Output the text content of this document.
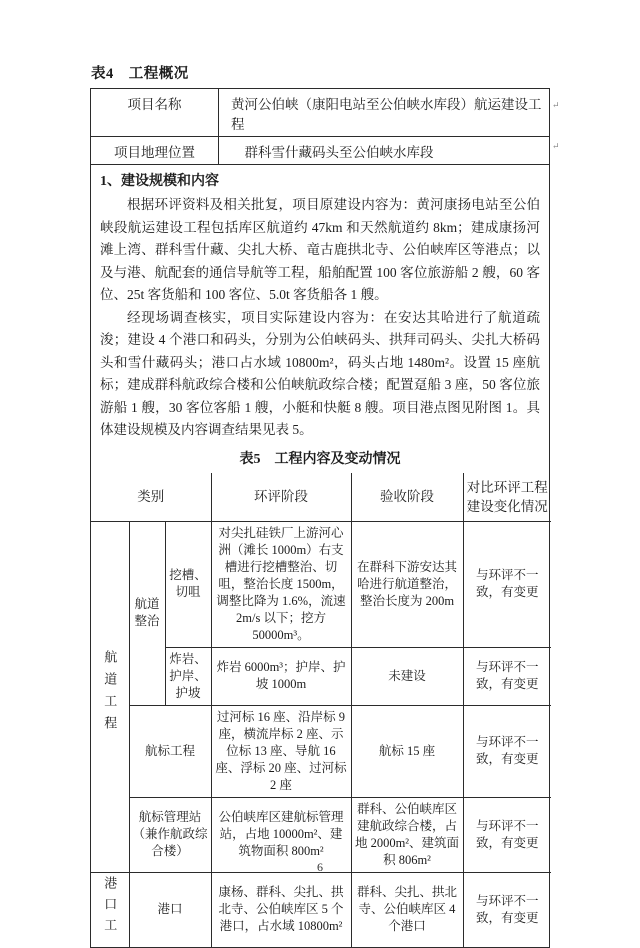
表4　工程概况
项目名称	黄河公伯峡（康阳电站至公伯峡水库段）航运建设工程
项目地理位置	　群科雪什藏码头至公伯峡水库段
1、建设规模和内容

根据环评资料及相关批复，项目原建设内容为：黄河康扬电站至公伯峡段航运建设工程包括库区航道约 47km 和天然航道约 8km；建成康扬河滩上湾、群科雪什藏、尖扎大桥、竜古鹿拱北寺、公伯峡库区等港点；以及与港、航配套的通信导航等工程，船舶配置 100 客位旅游船 2 艘，60 客位、25t 客货船和 100 客位、5.0t 客货船各 1 艘。

经现场调查核实，项目实际建设内容为：在安达其哈进行了航道疏浚；建设 4 个港口和码头，分别为公伯峡码头、拱拜司码头、尖扎大桥码头和雪什藏码头；港口占水域 10800m²，码头占地 1480m²。设置 15 座航标；建成群科航政综合楼和公伯峡航政综合楼；配置趸船 3 座，50 客位旅游船 1 艘，30 客位客船 1 艘，小艇和快艇 8 艘。项目港点图见附图 1。具体建设规模及内容调查结果见表 5。

表5　工程内容及变动情况
类别			环评阶段	验收阶段	对比环评工程建设变化情况
航道工程	航道整治	挖槽、切咀	对尖扎硅铁厂上游河心洲（滩长 1000m）右支槽进行挖槽整治、切咀，整治长度 1500m，调整比降为 1.6%，流速 2m/s 以下；挖方 50000m³。	在群科下游安达其哈进行航道整治，整治长度为 200m	与环评不一致，有变更
		炸岩、护岸、护坡	炸岩 6000m³；护岸、护坡 1000m	未建设	与环评不一致，有变更
	航标工程		过河标 16 座、沿岸标 9 座，横流岸标 2 座、示位标 13 座、导航 16 座、浮标 20 座、过河标 2 座	航标 15 座	与环评不一致，有变更
	航标管理站（兼作航政综合楼）		公伯峡库区建航标管理站，占地 10000m²、建筑物面积 800m²	群科、公伯峡库区建航政综合楼，占地 2000m²、建筑面积 806m²	与环评不一致，有变更
港口工	港口		康杨、群科、尖扎、拱北寺、公伯峡库区 5 个港口，占水域 10800m²	群科、尖扎、拱北寺、公伯峡库区 4 个港口	与环评不一致，有变更
↵
↵
6
